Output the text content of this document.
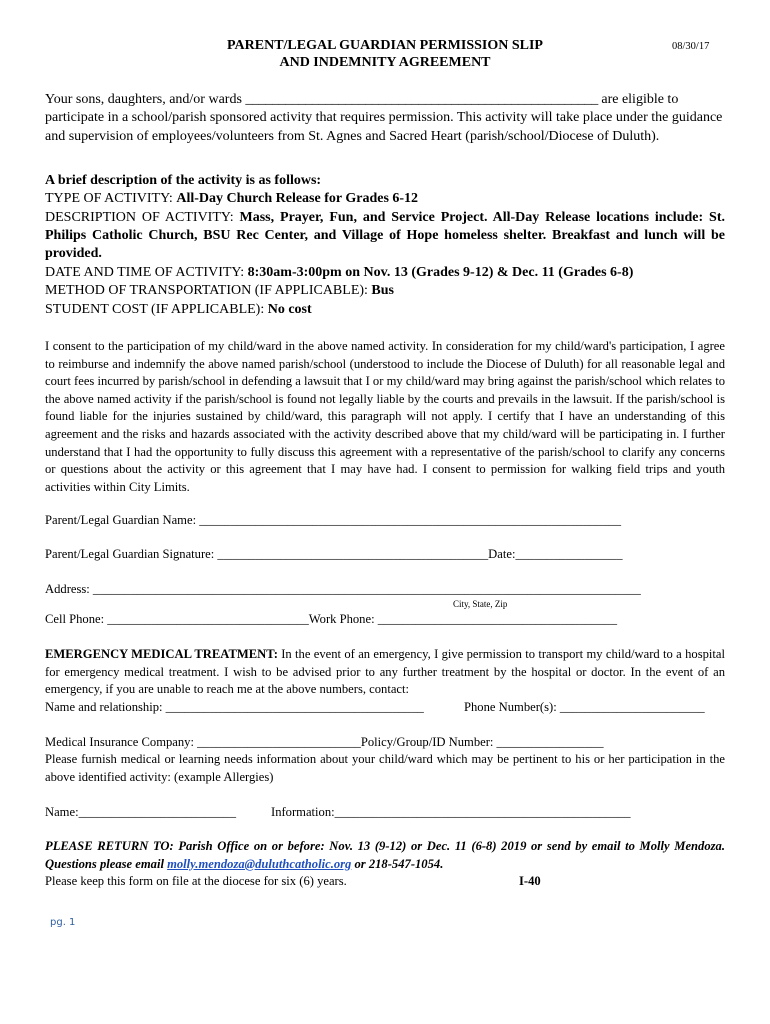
PARENT/LEGAL GUARDIAN PERMISSION SLIP
AND INDEMNITY AGREEMENT
08/30/17
Your sons, daughters, and/or wards _____________________________________________________ are eligible to participate in a school/parish sponsored activity that requires permission. This activity will take place under the guidance and supervision of employees/volunteers from St. Agnes and Sacred Heart (parish/school/Diocese of Duluth).
A brief description of the activity is as follows:
TYPE OF ACTIVITY: All-Day Church Release for Grades 6-12
DESCRIPTION OF ACTIVITY: Mass, Prayer, Fun, and Service Project. All-Day Release locations include: St. Philips Catholic Church, BSU Rec Center, and Village of Hope homeless shelter. Breakfast and lunch will be provided.
DATE AND TIME OF ACTIVITY: 8:30am-3:00pm on Nov. 13 (Grades 9-12) & Dec. 11 (Grades 6-8)
METHOD OF TRANSPORTATION (IF APPLICABLE): Bus
STUDENT COST (IF APPLICABLE): No cost
I consent to the participation of my child/ward in the above named activity. In consideration for my child/ward's participation, I agree to reimburse and indemnify the above named parish/school (understood to include the Diocese of Duluth) for all reasonable legal and court fees incurred by parish/school in defending a lawsuit that I or my child/ward may bring against the parish/school which relates to the above named activity if the parish/school is found not legally liable by the courts and prevails in the lawsuit. If the parish/school is found liable for the injuries sustained by child/ward, this paragraph will not apply. I certify that I have an understanding of this agreement and the risks and hazards associated with the activity described above that my child/ward will be participating in. I further understand that I had the opportunity to fully discuss this agreement with a representative of the parish/school to clarify any concerns or questions about the activity or this agreement that I may have had. I consent to permission for walking field trips and youth activities within City Limits.
Parent/Legal Guardian Name: ___________________________________________________________________
Parent/Legal Guardian Signature: ___________________________________________Date:_________________
Address: _______________________________________________________________________________________
City, State, Zip
Cell Phone: ________________________________Work Phone: ______________________________________
EMERGENCY MEDICAL TREATMENT: In the event of an emergency, I give permission to transport my child/ward to a hospital for emergency medical treatment. I wish to be advised prior to any further treatment by the hospital or doctor. In the event of an emergency, if you are unable to reach me at the above numbers, contact:
Name and relationship: _________________________________________	Phone Number(s): _______________________
Medical Insurance Company: __________________________Policy/Group/ID Number: _________________
Please furnish medical or learning needs information about your child/ward which may be pertinent to his or her participation in the above identified activity: (example Allergies)
Name:_________________________	Information:_______________________________________________
PLEASE RETURN TO: Parish Office on or before: Nov. 13 (9-12) or Dec. 11 (6-8) 2019 or send by email to Molly Mendoza. Questions please email molly.mendoza@duluthcatholic.org or 218-547-1054.
Please keep this form on file at the diocese for six (6) years.	I-40
pg. 1
